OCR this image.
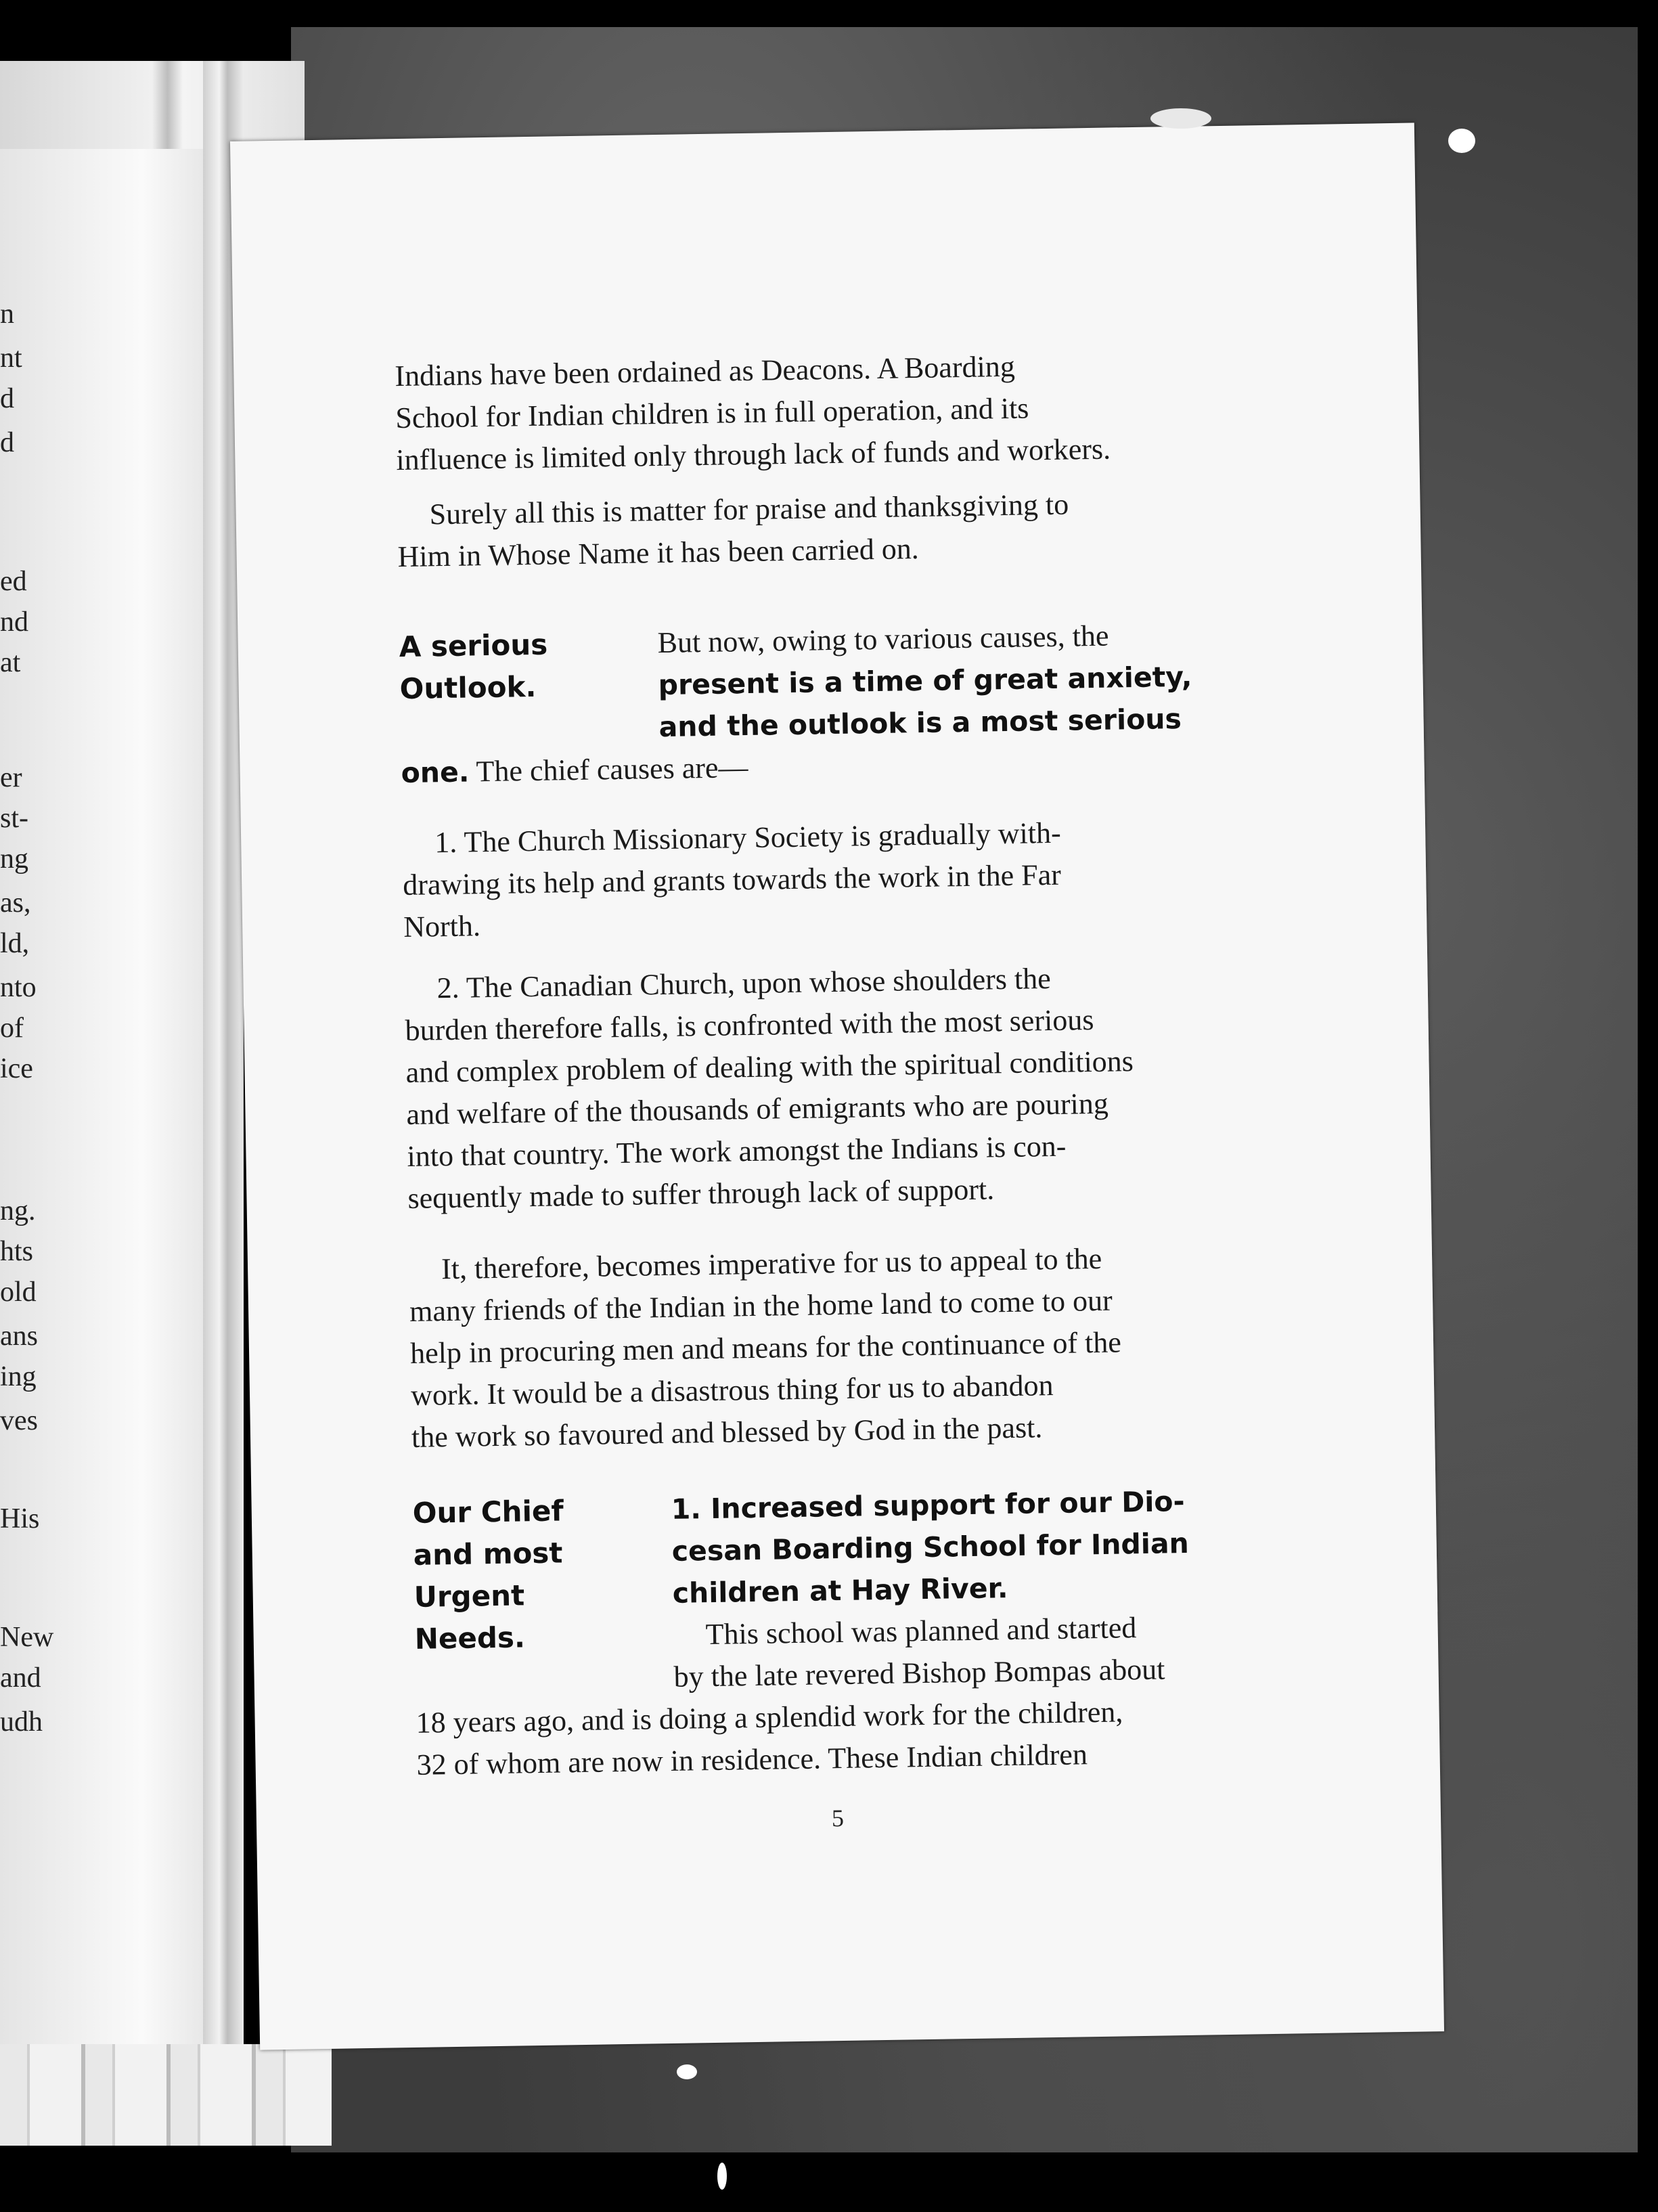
n
nt
d
d
ed
nd
at
er
st-
ng
as,
ld,
nto
of
ice
ng.
hts
old
ans
ing
ves
His
New
and
udh
Indians have been ordained as Deacons. A Boarding
School for Indian children is in full operation, and its
influence is limited only through lack of funds and workers.
Surely all this is matter for praise and thanksgiving to
Him in Whose Name it has been carried on.
A serious
Outlook.
But now, owing to various causes, the
present is a time of great anxiety,
and the outlook is a most serious
one. The chief causes are—
1. The Church Missionary Society is gradually with-
drawing its help and grants towards the work in the Far
North.
2. The Canadian Church, upon whose shoulders the
burden therefore falls, is confronted with the most serious
and complex problem of dealing with the spiritual conditions
and welfare of the thousands of emigrants who are pouring
into that country. The work amongst the Indians is con-
sequently made to suffer through lack of support.
It, therefore, becomes imperative for us to appeal to the
many friends of the Indian in the home land to come to our
help in procuring men and means for the continuance of the
work. It would be a disastrous thing for us to abandon
the work so favoured and blessed by God in the past.
Our Chief
and most
Urgent
Needs.
1. Increased support for our Dio-
cesan Boarding School for Indian
children at Hay River.
This school was planned and started
by the late revered Bishop Bompas about
18 years ago, and is doing a splendid work for the children,
32 of whom are now in residence. These Indian children
5
